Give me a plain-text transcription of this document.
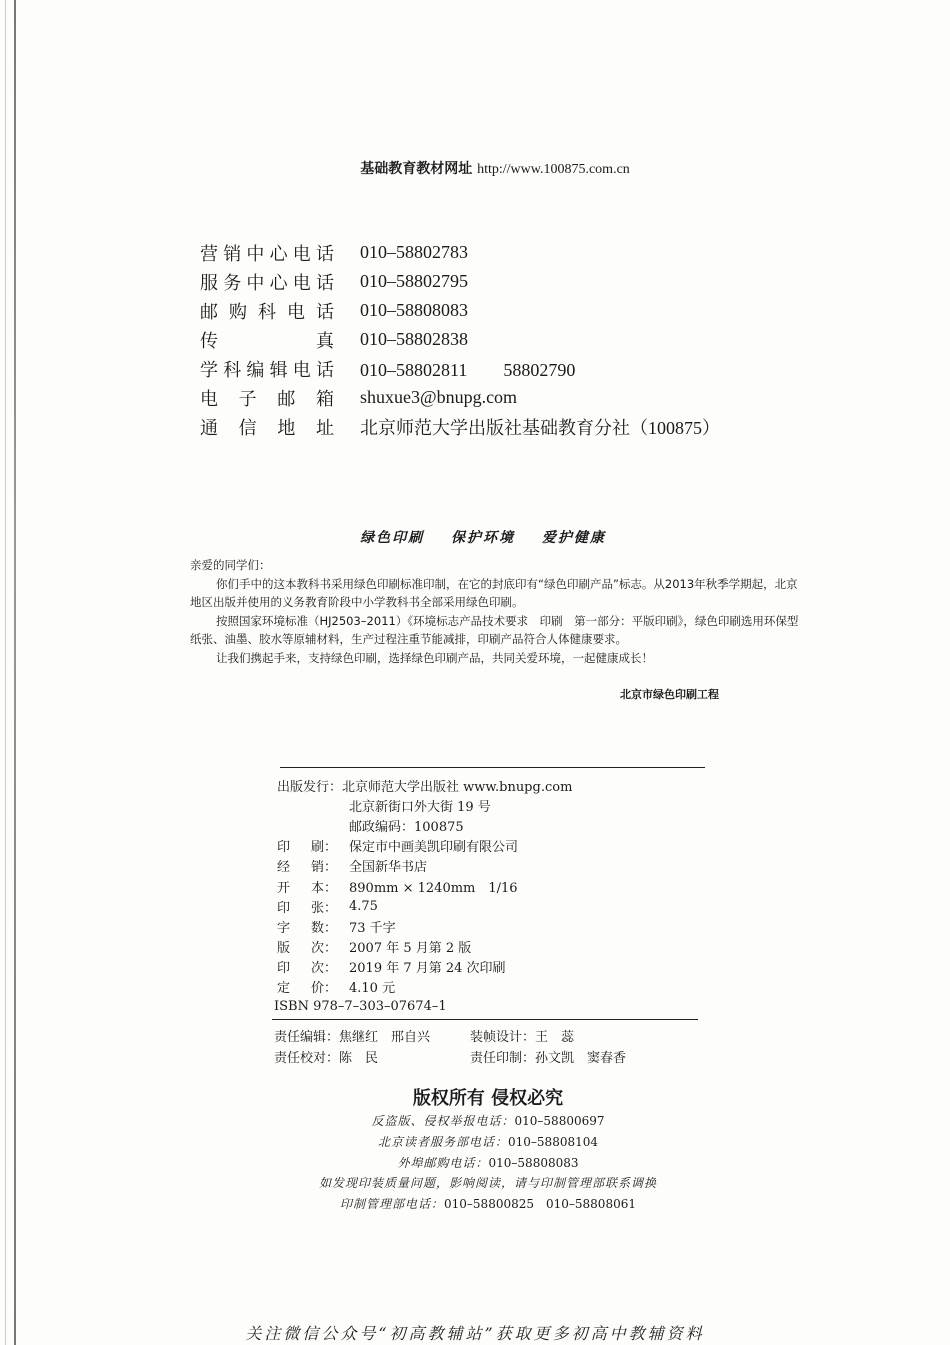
基础教育教材网址 http://www.100875.com.cn
营销中心电话 010–58802783
服务中心电话 010–58802795
邮购科电话 010–58808083
传真 010–58802838
学科编辑电话 010–58802811　　58802790
电子邮箱 shuxue3@bnupg.com
通信地址 北京师范大学出版社基础教育分社（100875）
绿色印刷 保护环境 爱护健康
亲爱的同学们：
你们手中的这本教科书采用绿色印刷标准印制，在它的封底印有“绿色印刷产品”标志。从2013年秋季学期起，北京地区出版并使用的义务教育阶段中小学教科书全部采用绿色印刷。
按照国家环境标准（HJ2503–2011）《环境标志产品技术要求　印刷　第一部分：平版印刷》，绿色印刷选用环保型纸张、油墨、胶水等原辅材料，生产过程注重节能减排，印刷产品符合人体健康要求。
让我们携起手来，支持绿色印刷，选择绿色印刷产品，共同关爱环境，一起健康成长！
北京市绿色印刷工程
出版发行： 北京师范大学出版社 www.bnupg.com
北京新街口外大街 19 号
邮政编码：100875
印 刷： 保定市中画美凯印刷有限公司
经 销： 全国新华书店
开 本： 890mm × 1240mm　1/16
印 张： 4.75
字 数： 73 千字
版 次： 2007 年 5 月第 2 版
印 次： 2019 年 7 月第 24 次印刷
定 价： 4.10 元
ISBN 978–7–303–07674–1
责任编辑：焦继红　邢自兴	装帧设计：王　蕊
责任校对：陈　民	责任印制：孙文凯　窦春香
版权所有 侵权必究
反盗版、侵权举报电话：010–58800697
北京读者服务部电话：010–58808104
外埠邮购电话：010–58808083
如发现印装质量问题，影响阅读，请与印制管理部联系调换
印制管理部电话：010–58800825　010–58808061
关注微信公众号“初高教辅站”获取更多初高中教辅资料
